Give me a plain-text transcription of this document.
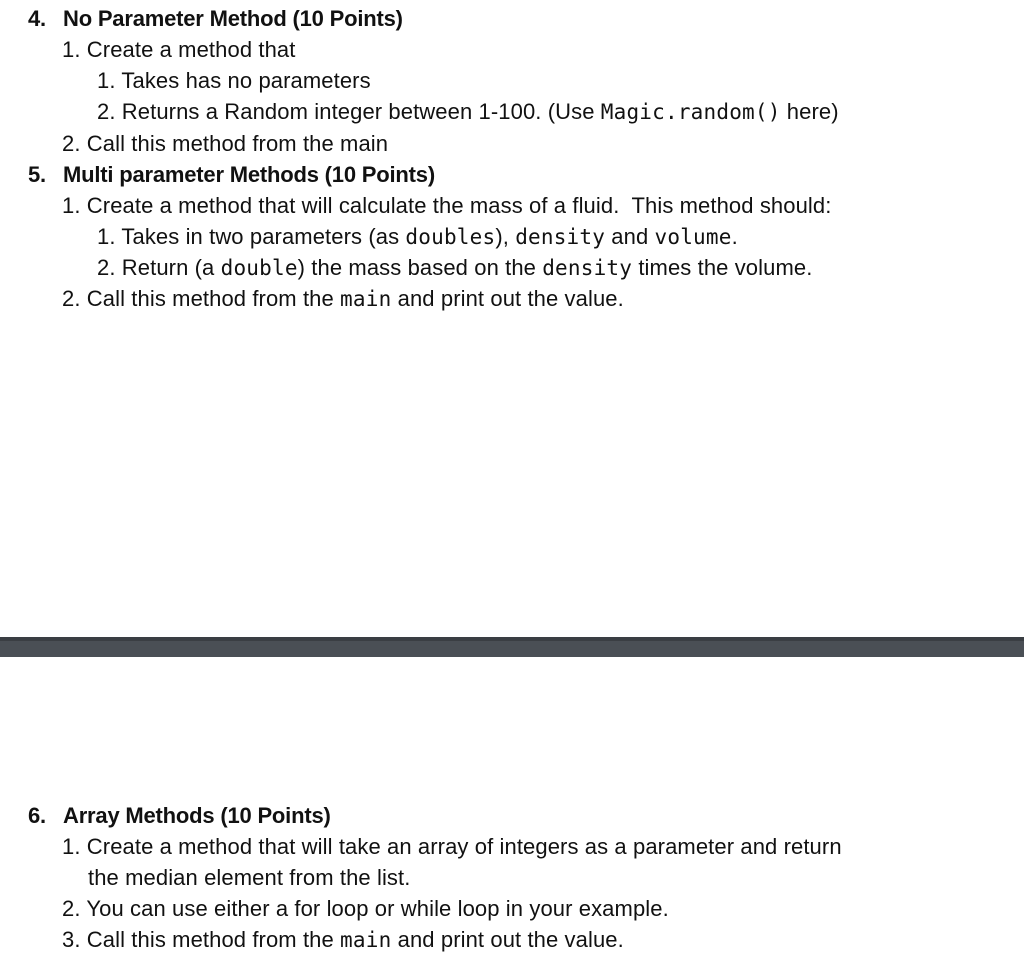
4. No Parameter Method (10 Points)
1. Create a method that
1. Takes has no parameters
2. Returns a Random integer between 1-100. (Use Magic.random() here)
2. Call this method from the main
5. Multi parameter Methods (10 Points)
1. Create a method that will calculate the mass of a fluid.  This method should:
1. Takes in two parameters (as doubles), density and volume.
2. Return (a double) the mass based on the density times the volume.
2. Call this method from the main and print out the value.
6. Array Methods (10 Points)
1. Create a method that will take an array of integers as a parameter and return
the median element from the list.
2. You can use either a for loop or while loop in your example.
3. Call this method from the main and print out the value.
